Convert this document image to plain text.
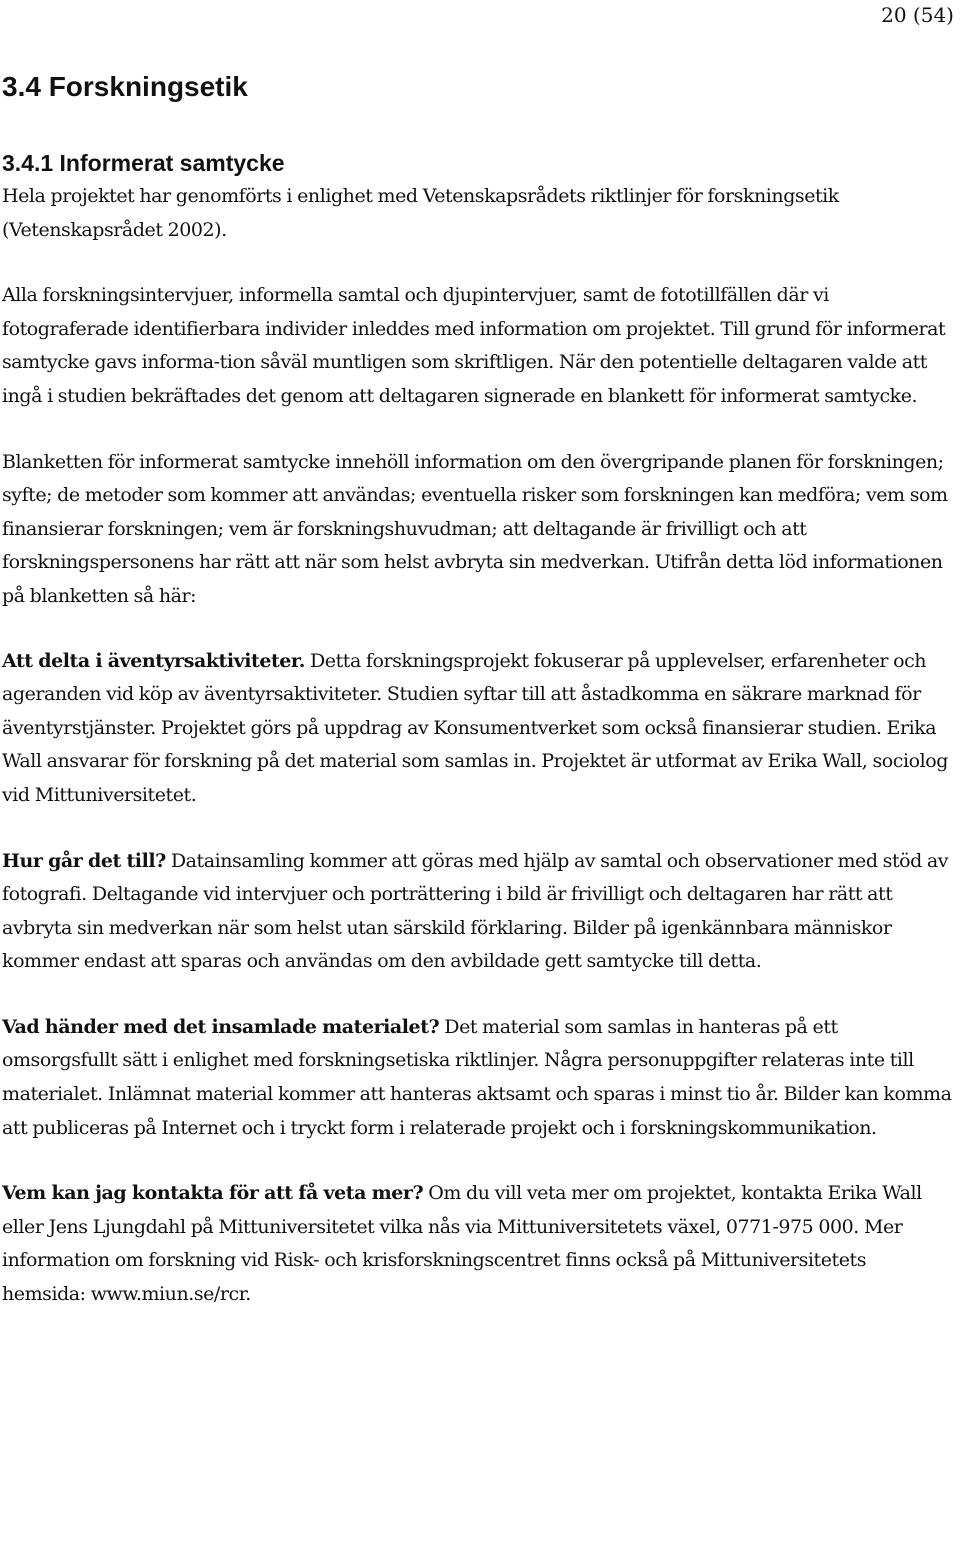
20 (54)
3.4 Forskningsetik
3.4.1 Informerat samtycke

Hela projektet har genomförts i enlighet med Vetenskapsrådets riktlinjer för forskningsetik (Vetenskapsrådet 2002).

Alla forskningsintervjuer, informella samtal och djupintervjuer, samt de fototillfällen där vi fotograferade identifierbara individer inleddes med information om projektet. Till grund för informerat samtycke gavs informa-tion såväl muntligen som skriftligen. När den potentielle deltagaren valde att ingå i studien bekräftades det genom att deltagaren signerade en blankett för informerat samtycke.

Blanketten för informerat samtycke innehöll information om den övergripande planen för forskningen; syfte; de metoder som kommer att användas; eventuella risker som forskningen kan medföra; vem som finansierar forskningen; vem är forskningshuvudman; att deltagande är frivilligt och att forskningspersonens har rätt att när som helst avbryta sin medverkan. Utifrån detta löd informationen på blanketten så här:

Att delta i äventyrsaktiviteter. Detta forskningsprojekt fokuserar på upplevelser, erfarenheter och ageranden vid köp av äventyrsaktiviteter. Studien syftar till att åstadkomma en säkrare marknad för äventyrstjänster. Projektet görs på uppdrag av Konsumentverket som också finansierar studien. Erika Wall ansvarar för forskning på det material som samlas in. Projektet är utformat av Erika Wall, sociolog vid Mittuniversitetet.

Hur går det till? Datainsamling kommer att göras med hjälp av samtal och observationer med stöd av fotografi. Deltagande vid intervjuer och porträttering i bild är frivilligt och deltagaren har rätt att avbryta sin medverkan när som helst utan särskild förklaring. Bilder på igenkännbara människor kommer endast att sparas och användas om den avbildade gett samtycke till detta.

Vad händer med det insamlade materialet? Det material som samlas in hanteras på ett omsorgsfullt sätt i enlighet med forskningsetiska riktlinjer. Några personuppgifter relateras inte till materialet. Inlämnat material kommer att hanteras aktsamt och sparas i minst tio år. Bilder kan komma att publiceras på Internet och i tryckt form i relaterade projekt och i forskningskommunikation.

Vem kan jag kontakta för att få veta mer? Om du vill veta mer om projektet, kontakta Erika Wall eller Jens Ljungdahl på Mittuniversitetet vilka nås via Mittuniversitetets växel, 0771-975 000. Mer information om forskning vid Risk- och krisforskningscentret finns också på Mittuniversitetets hemsida: www.miun.se/rcr.
